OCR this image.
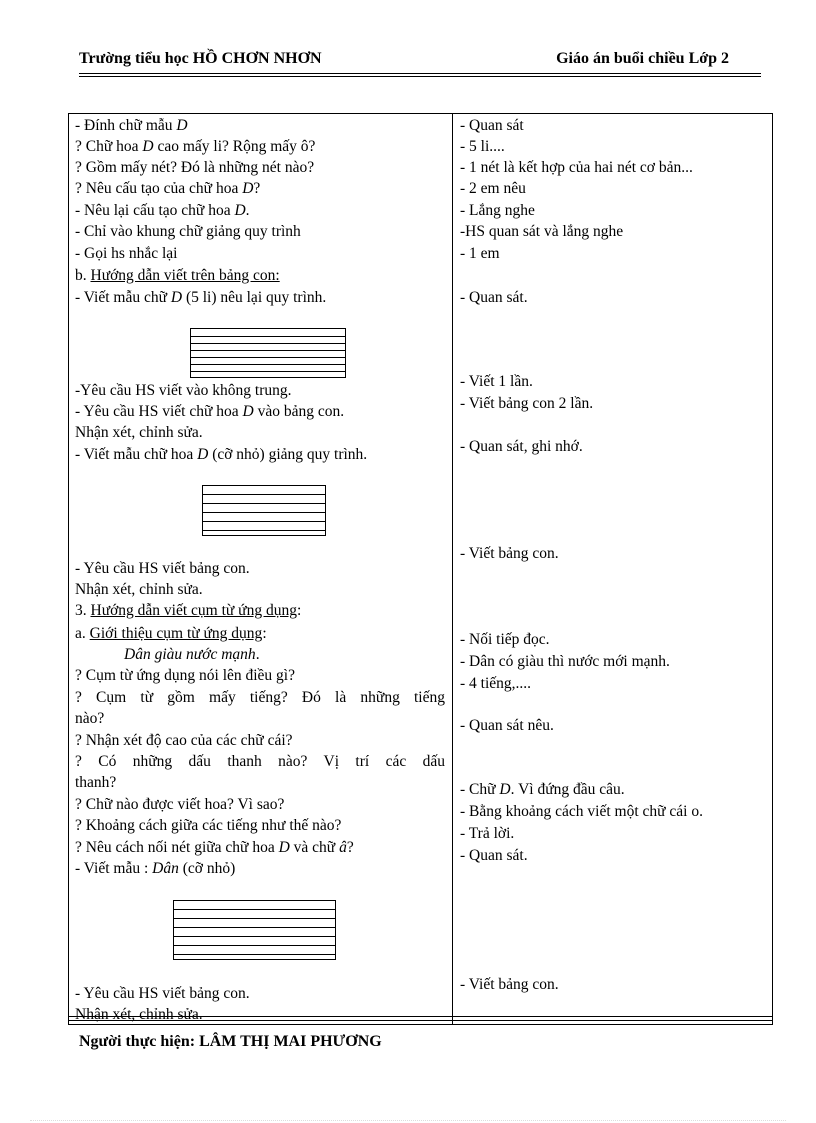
Trường tiểu học HỒ CHƠN NHƠN	Giáo án buổi chiều Lớp 2
- Đính chữ mẫu D
? Chữ hoa D cao mấy li? Rộng mấy ô?
? Gồm mấy nét? Đó là những nét nào?
? Nêu cấu tạo của chữ hoa D?
- Nêu lại cấu tạo chữ hoa D.
- Chỉ vào khung chữ giảng quy trình
- Gọi hs nhắc lại
b. Hướng dẫn viết trên bảng con:
- Viết mẫu chữ D (5 li) nêu lại quy trình.
-Yêu cầu HS viết vào không trung.
- Yêu cầu HS viết chữ hoa D vào bảng con.
Nhận xét, chỉnh sửa.
- Viết mẫu chữ hoa D (cỡ nhỏ) giảng quy trình.
- Yêu cầu HS viết bảng con.
Nhận xét, chỉnh sửa.
3. Hướng dẫn viết cụm từ ứng dụng:
a. Giới thiệu cụm từ ứng dụng:
Dân giàu nước mạnh.
? Cụm từ ứng dụng nói lên điều gì?
? Cụm từ gồm mấy tiếng? Đó là những tiếng
nào?
? Nhận xét độ cao của các chữ cái?
? Có những dấu thanh nào? Vị trí các dấu
thanh?
? Chữ nào được viết hoa? Vì sao?
? Khoảng cách giữa các tiếng như thế nào?
? Nêu cách nối nét giữa chữ hoa D và chữ â?
- Viết mẫu : Dân (cỡ nhỏ)
- Yêu cầu HS viết bảng con.
Nhận xét, chỉnh sửa.
- Quan sát
- 5 li....
- 1 nét là kết hợp của hai nét cơ bản...
- 2 em nêu
- Lắng nghe
-HS quan sát và lắng nghe
- 1 em
- Quan sát.
- Viết 1 lần.
- Viết bảng con 2 lần.
- Quan sát, ghi nhớ.
- Viết bảng con.
- Nối tiếp đọc.
- Dân có giàu thì nước mới mạnh.
- 4 tiếng,....
- Quan sát nêu.
- Chữ D. Vì đứng đầu câu.
- Bằng khoảng cách viết một chữ cái o.
- Trả lời.
- Quan sát.
- Viết bảng con.
Người thực hiện: LÂM THỊ MAI PHƯƠNG
